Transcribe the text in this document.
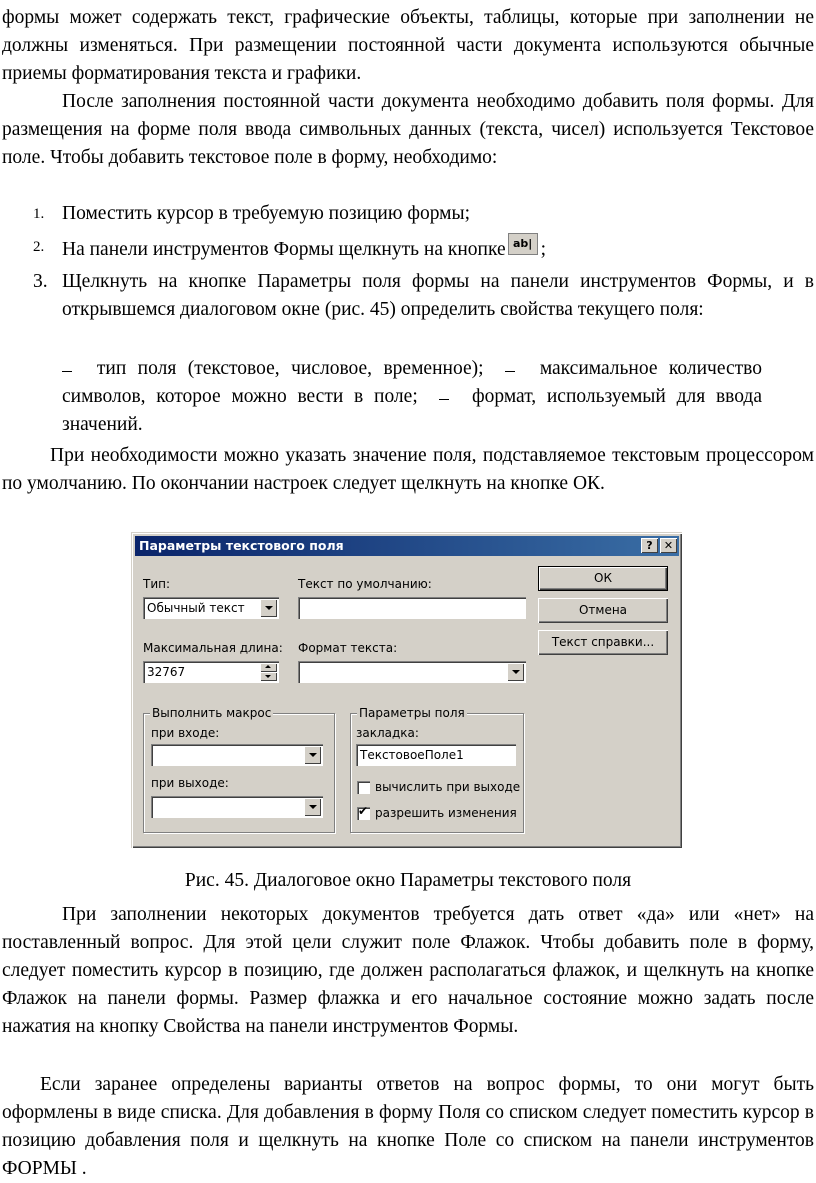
формы может содержать текст, графические объекты, таблицы, которые при заполнении не должны изменяться. При размещении постоянной части документа используются обычные приемы форматирования текста и графики.

После заполнения постоянной части документа необходимо добавить поля формы. Для размещения на форме поля ввода символьных данных (текста, чисел) используется Текстовое поле. Чтобы добавить текстовое поле в форму, необходимо:

1. Поместить курсор в требуемую позицию формы;
2. На панели инструментов Формы щелкнуть на кнопке ab| ;
3. Щелкнуть на кнопке Параметры поля формы на панели инструментов Формы, и в открывшемся диалоговом окне (рис. 45) определить свойства текущего поля:

тип поля (текстовое, числовое, временное);	максимальное количество символов, которое можно вести в поле;	формат, используемый для ввода значений.

При необходимости можно указать значение поля, подставляемое текстовым процессором по умолчанию. По окончании настроек следует щелкнуть на кнопке ОК.

Параметры текстового поля	?	✕
Тип:
Обычный текст
Текст по умолчанию:
Максимальная длина:
32767
Формат текста:
ОК
Отмена
Текст справки...
Выполнить макрос
при входе:
при выходе:
Параметры поля
закладка:
ТекстовоеПоле1
вычислить при выходе
✔
разрешить изменения
Рис. 45. Диалоговое окно Параметры текстового поля

При заполнении некоторых документов требуется дать ответ «да» или «нет» на поставленный вопрос. Для этой цели служит поле Флажок. Чтобы добавить поле в форму, следует поместить курсор в позицию, где должен располагаться флажок, и щелкнуть на кнопке Флажок на панели формы. Размер флажка и его начальное состояние можно задать после нажатия на кнопку Свойства на панели инструментов Формы.

Если заранее определены варианты ответов на вопрос формы, то они могут быть оформлены в виде списка. Для добавления в форму Поля со списком следует поместить курсор в позицию добавления поля и щелкнуть на кнопке Поле со списком на панели инструментов ФОРМЫ .
